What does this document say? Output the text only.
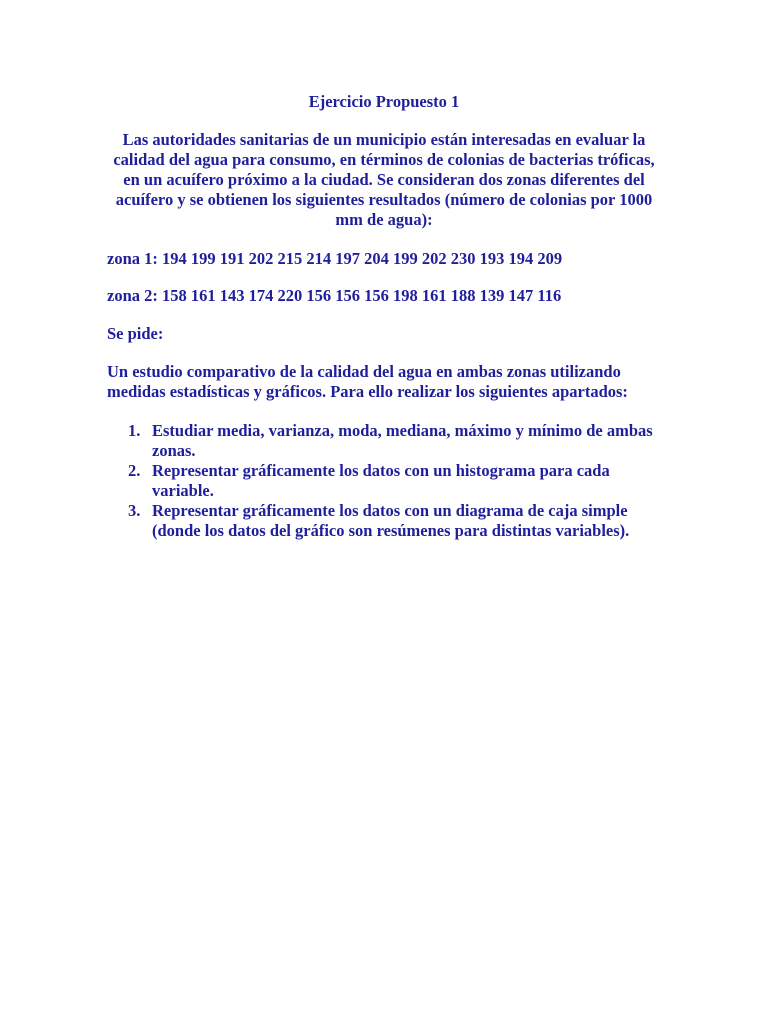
Ejercicio Propuesto 1
Las autoridades sanitarias de un municipio están interesadas en evaluar la calidad del agua para consumo, en términos de colonias de bacterias tróficas, en un acuífero próximo a la ciudad. Se consideran dos zonas diferentes del acuífero y se obtienen los siguientes resultados (número de colonias por 1000 mm de agua):
zona 1: 194 199 191 202 215 214 197 204 199 202 230 193 194 209
zona 2: 158 161 143 174 220 156 156 156 198 161 188 139 147 116
Se pide:
Un estudio comparativo de la calidad del agua en ambas zonas utilizando medidas estadísticas y gráficos. Para ello realizar los siguientes apartados:
1. Estudiar media, varianza, moda, mediana, máximo y mínimo de ambas zonas.
2. Representar gráficamente los datos con un histograma para cada variable.
3. Representar gráficamente los datos con un diagrama de caja simple (donde los datos del gráfico son resúmenes para distintas variables).
